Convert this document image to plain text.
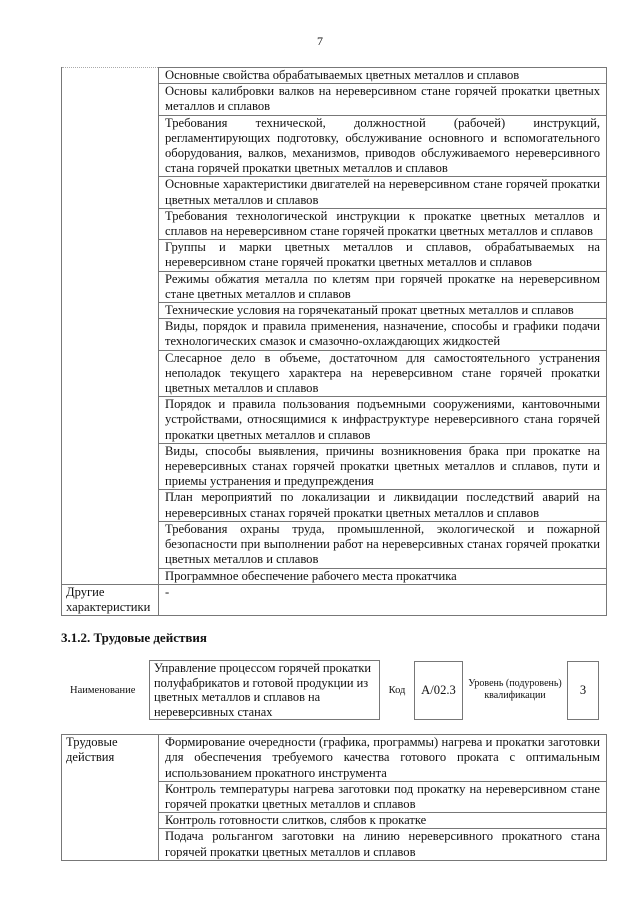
7
	Основные свойства обрабатываемых цветных металлов и сплавов
	Основы калибровки валков на нереверсивном стане горячей прокатки цветных металлов и сплавов
	Требования технической, должностной (рабочей) инструкций, регламентирующих подготовку, обслуживание основного и вспомогательного оборудования, валков, механизмов, приводов обслуживаемого нереверсивного стана горячей прокатки цветных металлов и сплавов
	Основные характеристики двигателей на нереверсивном стане горячей прокатки цветных металлов и сплавов
	Требования технологической инструкции к прокатке цветных металлов и сплавов на нереверсивном стане горячей прокатки цветных металлов и сплавов
	Группы и марки цветных металлов и сплавов, обрабатываемых на нереверсивном стане горячей прокатки цветных металлов и сплавов
	Режимы обжатия металла по клетям при горячей прокатке на нереверсивном стане цветных металлов и сплавов
	Технические условия на горячекатаный прокат цветных металлов и сплавов
	Виды, порядок и правила применения, назначение, способы и графики подачи технологических смазок и смазочно-охлаждающих жидкостей
	Слесарное дело в объеме, достаточном для самостоятельного устранения неполадок текущего характера на нереверсивном стане горячей прокатки цветных металлов и сплавов
	Порядок и правила пользования подъемными сооружениями, кантовочными устройствами, относящимися к инфраструктуре нереверсивного стана горячей прокатки цветных металлов и сплавов
	Виды, способы выявления, причины возникновения брака при прокатке на нереверсивных станах горячей прокатки цветных металлов и сплавов, пути и приемы устранения и предупреждения
	План мероприятий по локализации и ликвидации последствий аварий на нереверсивных станах горячей прокатки цветных металлов и сплавов
	Требования охраны труда, промышленной, экологической и пожарной безопасности при выполнении работ на нереверсивных станах горячей прокатки цветных металлов и сплавов
	Программное обеспечение рабочего места прокатчика
Другие характеристики	-
3.1.2. Трудовые действия
Наименование
Управление процессом горячей прокатки полуфабрикатов и готовой продукции из цветных металлов и сплавов на нереверсивных станах
Код	А/02.3	Уровень (подуровень) квалификации	3
Трудовые действия	Формирование очередности (графика, программы) нагрева и прокатки заготовки для обеспечения требуемого качества готового проката с оптимальным использованием прокатного инструмента
Контроль температуры нагрева заготовки под прокатку на нереверсивном стане горячей прокатки цветных металлов и сплавов
Контроль готовности слитков, слябов к прокатке
Подача рольгангом заготовки на линию нереверсивного прокатного стана горячей прокатки цветных металлов и сплавов
